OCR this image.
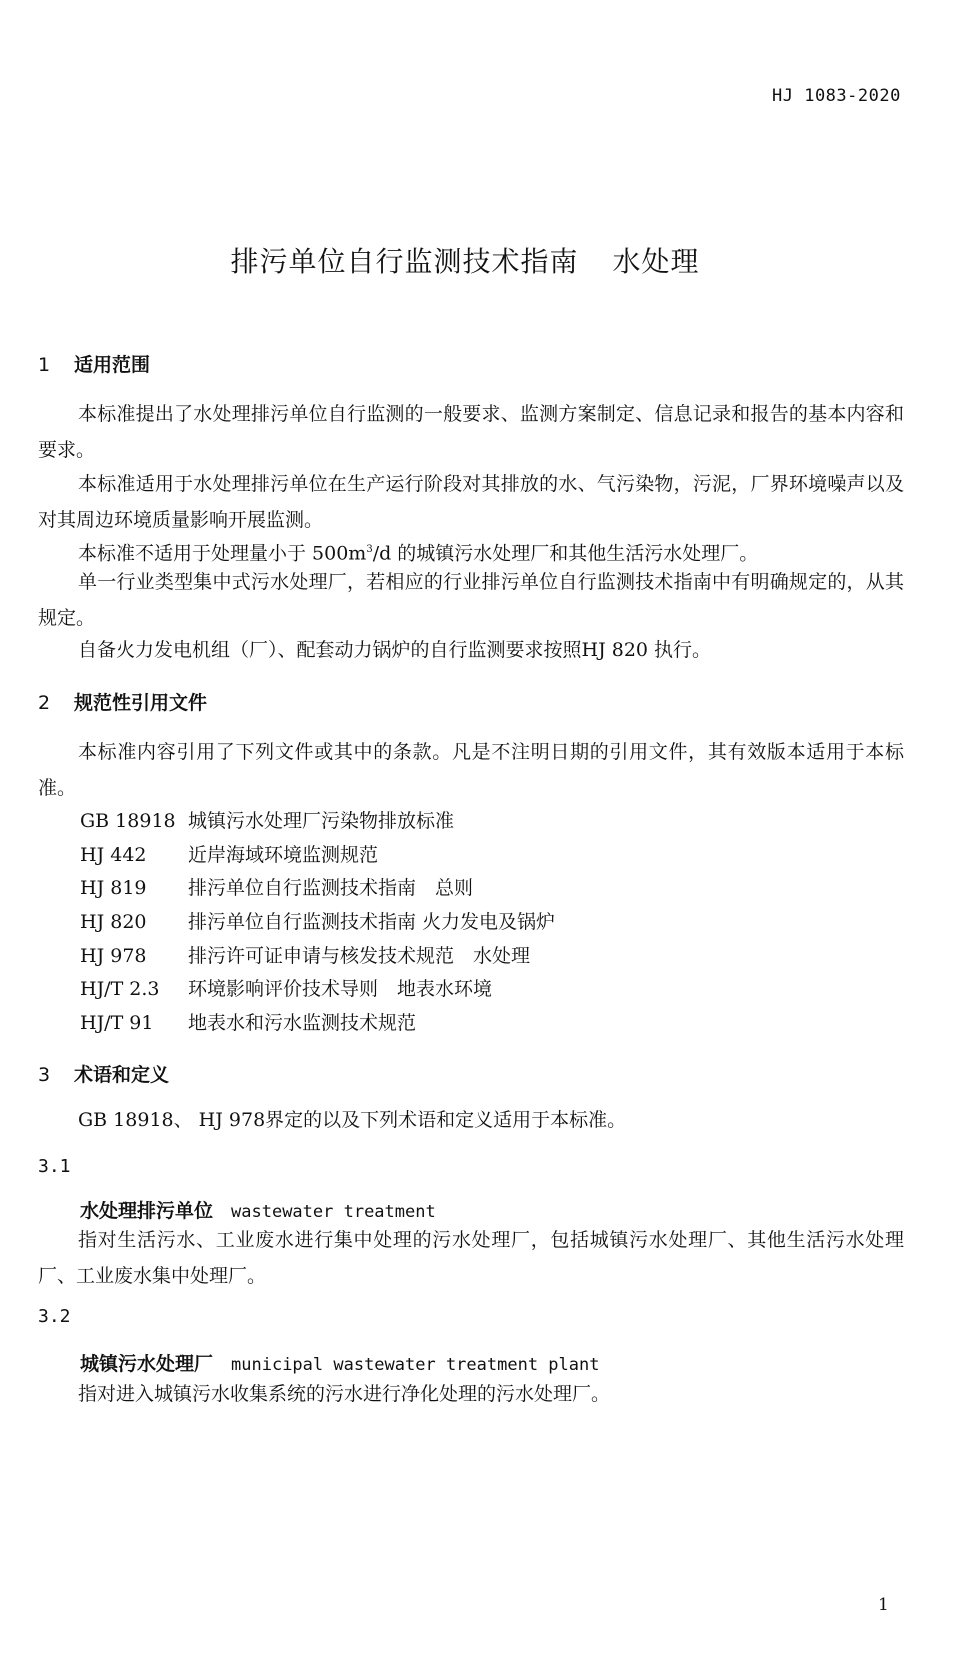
HJ 1083-2020
排污单位自行监测技术指南 水处理
1 适用范围
本标准提出了水处理排污单位自行监测的一般要求、监测方案制定、信息记录和报告的基本内容和要求。
本标准适用于水处理排污单位在生产运行阶段对其排放的水、气污染物，污泥，厂界环境噪声以及对其周边环境质量影响开展监测。
本标准不适用于处理量小于 $500m^3/d$ 的城镇污水处理厂和其他生活污水处理厂。
单一行业类型集中式污水处理厂，若相应的行业排污单位自行监测技术指南中有明确规定的，从其规定。
自备火力发电机组（厂）、配套动力锅炉的自行监测要求按照HJ 820 执行。
2 规范性引用文件
本标准内容引用了下列文件或其中的条款。凡是不注明日期的引用文件，其有效版本适用于本标准。
GB 18918 城镇污水处理厂污染物排放标准
HJ 442 近岸海域环境监测规范
HJ 819 排污单位自行监测技术指南　总则
HJ 820 排污单位自行监测技术指南 火力发电及锅炉
HJ 978 排污许可证申请与核发技术规范　水处理
HJ/T 2.3 环境影响评价技术导则　地表水环境
HJ/T 91 地表水和污水监测技术规范
3 术语和定义
GB 18918、 HJ 978界定的以及下列术语和定义适用于本标准。
3.1
水处理排污单位 wastewater treatment
指对生活污水、工业废水进行集中处理的污水处理厂，包括城镇污水处理厂、其他生活污水处理厂、工业废水集中处理厂。
3.2
城镇污水处理厂 municipal wastewater treatment plant
指对进入城镇污水收集系统的污水进行净化处理的污水处理厂。
1
